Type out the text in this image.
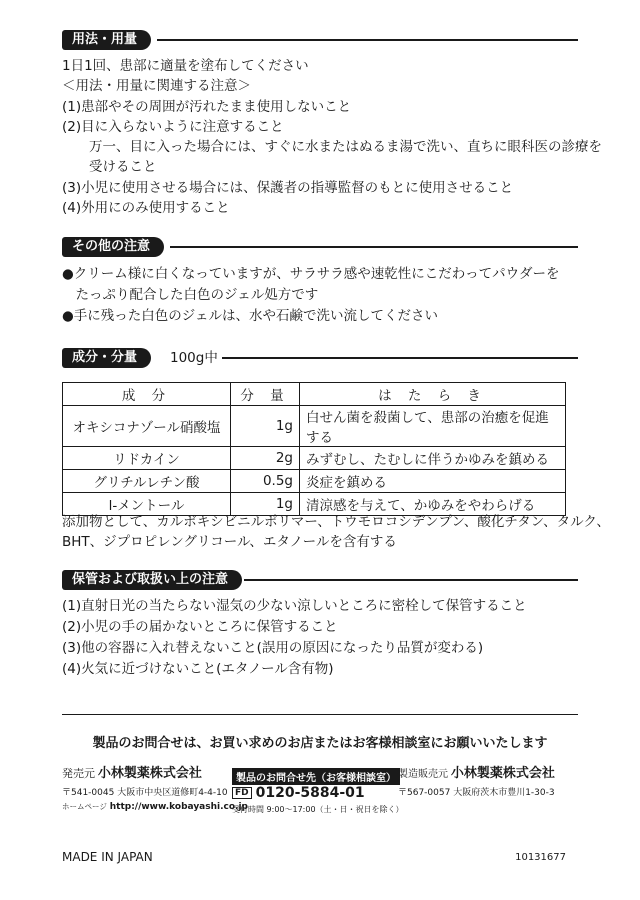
用法・用量
1日1回、患部に適量を塗布してください
＜用法・用量に関連する注意＞
(1)患部やその周囲が汚れたまま使用しないこと
(2)目に入らないように注意すること
　　万一、目に入った場合には、すぐに水またはぬるま湯で洗い、直ちに眼科医の診療を
　　受けること
(3)小児に使用させる場合には、保護者の指導監督のもとに使用させること
(4)外用にのみ使用すること
その他の注意
●クリーム様に白くなっていますが、サラサラ感や速乾性にこだわってパウダーを
　たっぷり配合した白色のジェル処方です
●手に残った白色のジェルは、水や石鹸で洗い流してください
成分・分量	100g中
成 分	分 量	は た ら き
オキシコナゾール硝酸塩	1g	白せん菌を殺菌して、患部の治癒を促進する
リドカイン	2g	みずむし、たむしに伴うかゆみを鎮める
グリチルレチン酸	0.5g	炎症を鎮める
l-メントール	1g	清涼感を与えて、かゆみをやわらげる
添加物として、カルボキシビニルポリマー、トウモロコシデンプン、酸化チタン、タルク、
BHT、ジプロピレングリコール、エタノールを含有する
保管および取扱い上の注意
(1)直射日光の当たらない湿気の少ない涼しいところに密栓して保管すること
(2)小児の手の届かないところに保管すること
(3)他の容器に入れ替えないこと(誤用の原因になったり品質が変わる)
(4)火気に近づけないこと(エタノール含有物)
製品のお問合せは、お買い求めのお店またはお客様相談室にお願いいたします
発売元 小林製薬株式会社
〒541-0045 大阪市中央区道修町4-4-10
ホームページ http://www.kobayashi.co.jp
製品のお問合せ先（お客様相談室）
FD 0120-5884-01
受付時間 9:00〜17:00（土・日・祝日を除く）
製造販売元 小林製薬株式会社
〒567-0057 大阪府茨木市豊川1-30-3
MADE IN JAPAN	10131677
